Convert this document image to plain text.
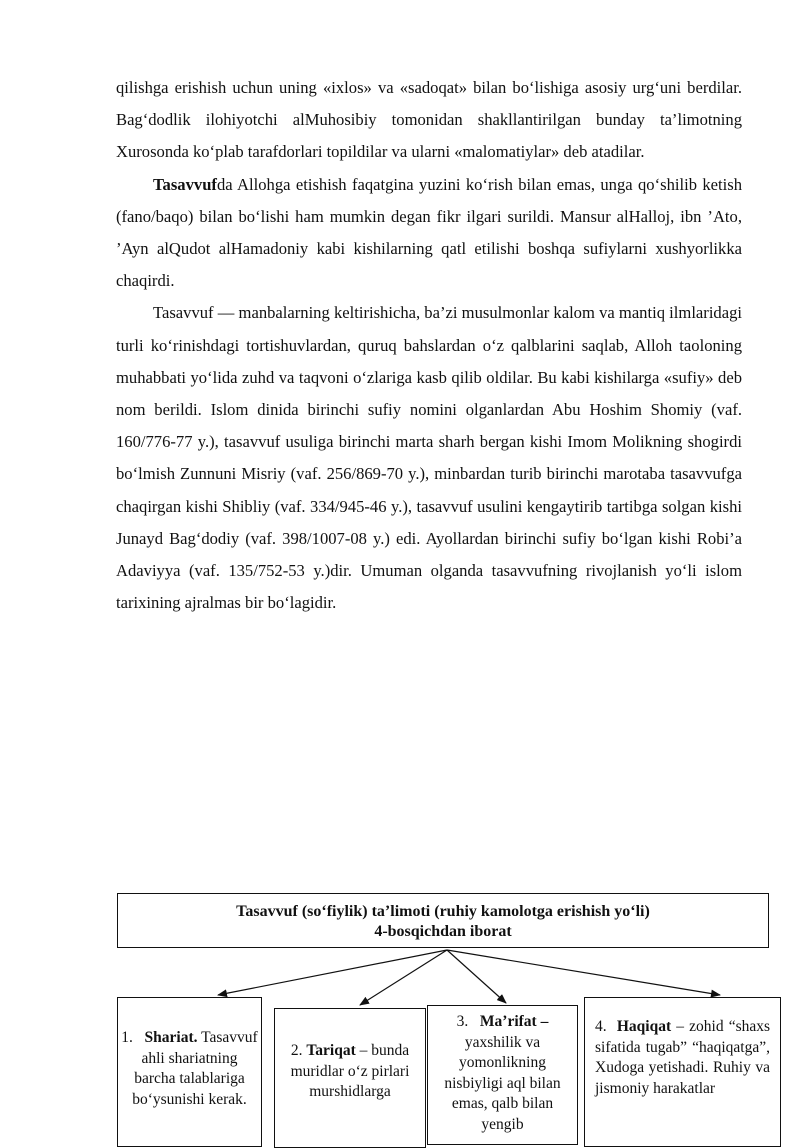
qilishga erishish uchun uning «ixlos» va «sadoqat» bilan bo‘lishiga asosiy urg‘uni berdilar. Bag‘dodlik ilohiyotchi alMuhosibiy tomonidan shakllantirilgan bunday ta’limotning Xurosonda ko‘plab tarafdorlari topildilar va ularni «malomatiylar» deb atadilar.

Tasavvufda Allohga etishish faqatgina yuzini ko‘rish bilan emas, unga qo‘shilib ketish (fano/baqo) bilan bo‘lishi ham mumkin degan fikr ilgari surildi. Mansur alHalloj, ibn ’Ato, ’Ayn alQudot alHamadoniy kabi kishilarning qatl etilishi boshqa sufiylarni xushyorlikka chaqirdi.

Tasavvuf — manbalarning keltirishicha, ba’zi musulmonlar kalom va mantiq ilmlaridagi turli ko‘rinishdagi tortishuvlardan, quruq bahslardan o‘z qalblarini saqlab, Alloh taoloning muhabbati yo‘lida zuhd va taqvoni o‘zlariga kasb qilib oldilar. Bu kabi kishilarga «sufiy» deb nom berildi. Islom dinida birinchi sufiy nomini olganlardan Abu Hoshim Shomiy (vaf. 160/776-77 y.), tasavvuf usuliga birinchi marta sharh bergan kishi Imom Molikning shogirdi bo‘lmish Zunnuni Misriy (vaf. 256/869-70 y.), minbardan turib birinchi marotaba tasavvufga chaqirgan kishi Shibliy (vaf. 334/945-46 y.), tasavvuf usulini kengaytirib tartibga solgan kishi Junayd Bag‘dodiy (vaf. 398/1007-08 y.) edi. Ayollardan birinchi sufiy bo‘lgan kishi Robi’a Adaviyya (vaf. 135/752-53 y.)dir. Umuman olganda tasavvufning rivojlanish yo‘li islom tarixining ajralmas bir bo‘lagidir.

Tasavvuf (so‘fiylik) ta’limoti (ruhiy kamolotga erishish yo‘li)
4-bosqichdan iborat
1. Shariat. Tasavvuf ahli shariatning barcha talablariga bo‘ysunishi kerak.
2. Tariqat – bunda muridlar o‘z pirlari murshidlarga
3. Ma’rifat – yaxshilik va yomonlikning nisbiyligi aql bilan emas, qalb bilan yengib
4. Haqiqat – zohid “shaxs sifatida tugab” “haqiqatga”, Xudoga yetishadi. Ruhiy va jismoniy harakatlar
